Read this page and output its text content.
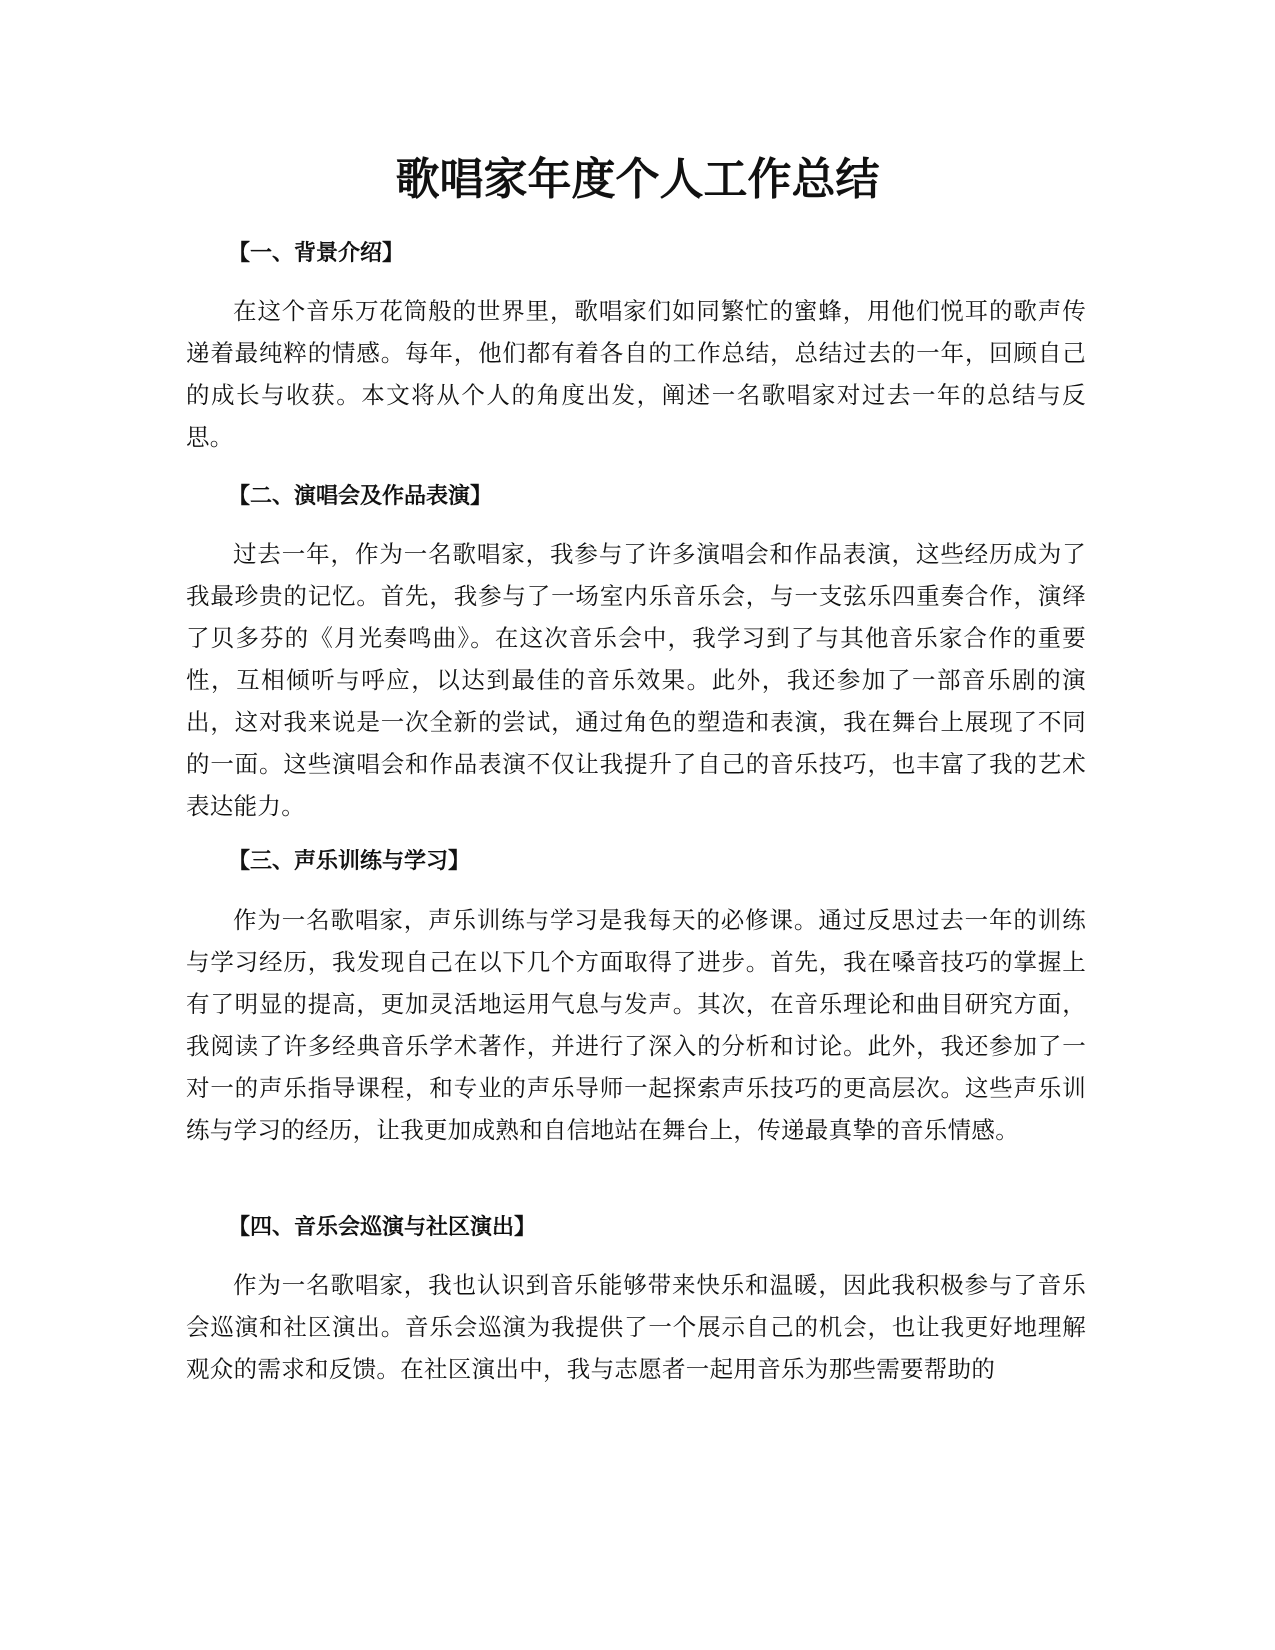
歌唱家年度个人工作总结
【一、背景介绍】

在这个音乐万花筒般的世界里，歌唱家们如同繁忙的蜜蜂，用他们悦耳的歌声传递着最纯粹的情感。每年，他们都有着各自的工作总结，总结过去的一年，回顾自己的成长与收获。本文将从个人的角度出发，阐述一名歌唱家对过去一年的总结与反思。

【二、演唱会及作品表演】

过去一年，作为一名歌唱家，我参与了许多演唱会和作品表演，这些经历成为了我最珍贵的记忆。首先，我参与了一场室内乐音乐会，与一支弦乐四重奏合作，演绎了贝多芬的《月光奏鸣曲》。在这次音乐会中，我学习到了与其他音乐家合作的重要性，互相倾听与呼应，以达到最佳的音乐效果。此外，我还参加了一部音乐剧的演出，这对我来说是一次全新的尝试，通过角色的塑造和表演，我在舞台上展现了不同的一面。这些演唱会和作品表演不仅让我提升了自己的音乐技巧，也丰富了我的艺术表达能力。

【三、声乐训练与学习】

作为一名歌唱家，声乐训练与学习是我每天的必修课。通过反思过去一年的训练与学习经历，我发现自己在以下几个方面取得了进步。首先，我在嗓音技巧的掌握上有了明显的提高，更加灵活地运用气息与发声。其次，在音乐理论和曲目研究方面，我阅读了许多经典音乐学术著作，并进行了深入的分析和讨论。此外，我还参加了一对一的声乐指导课程，和专业的声乐导师一起探索声乐技巧的更高层次。这些声乐训练与学习的经历，让我更加成熟和自信地站在舞台上，传递最真挚的音乐情感。

【四、音乐会巡演与社区演出】

作为一名歌唱家，我也认识到音乐能够带来快乐和温暖，因此我积极参与了音乐会巡演和社区演出。音乐会巡演为我提供了一个展示自己的机会，也让我更好地理解观众的需求和反馈。在社区演出中，我与志愿者一起用音乐为那些需要帮助的
